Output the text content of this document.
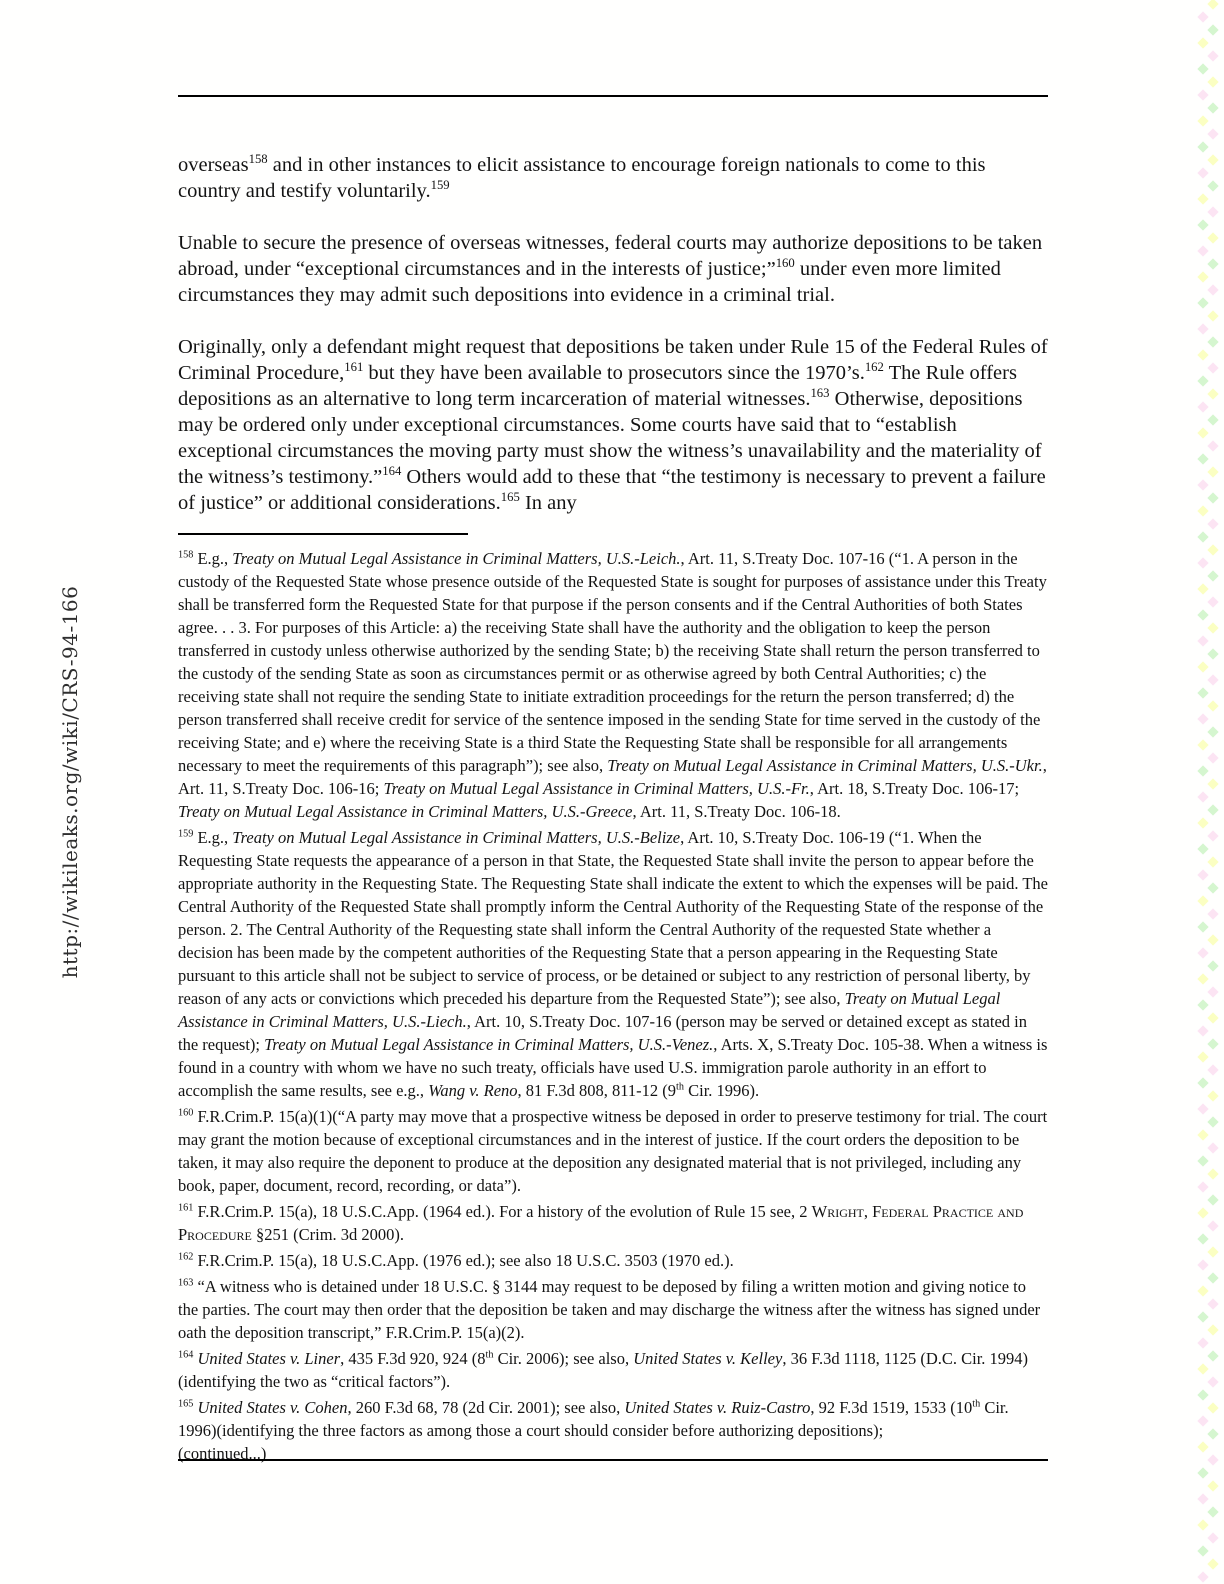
http://wikileaks.org/wiki/CRS-94-166

overseas$^{158}$ and in other instances to elicit assistance to encourage foreign nationals to come to this country and testify voluntarily.$^{159}$

Unable to secure the presence of overseas witnesses, federal courts may authorize depositions to be taken abroad, under “exceptional circumstances and in the interests of justice;”$^{160}$ under even more limited circumstances they may admit such depositions into evidence in a criminal trial.

Originally, only a defendant might request that depositions be taken under Rule 15 of the Federal Rules of Criminal Procedure,$^{161}$ but they have been available to prosecutors since the 1970’s.$^{162}$ The Rule offers depositions as an alternative to long term incarceration of material witnesses.$^{163}$ Otherwise, depositions may be ordered only under exceptional circumstances. Some courts have said that to “establish exceptional circumstances the moving party must show the witness’s unavailability and the materiality of the witness’s testimony.”$^{164}$ Others would add to these that “the testimony is necessary to prevent a failure of justice” or additional considerations.$^{165}$ In any

$^{158}$ E.g., Treaty on Mutual Legal Assistance in Criminal Matters, U.S.-Leich., Art. 11, S.Treaty Doc. 107-16 (“1. A person in the custody of the Requested State whose presence outside of the Requested State is sought for purposes of assistance under this Treaty shall be transferred form the Requested State for that purpose if the person consents and if the Central Authorities of both States agree. . . 3. For purposes of this Article: a) the receiving State shall have the authority and the obligation to keep the person transferred in custody unless otherwise authorized by the sending State; b) the receiving State shall return the person transferred to the custody of the sending State as soon as circumstances permit or as otherwise agreed by both Central Authorities; c) the receiving state shall not require the sending State to initiate extradition proceedings for the return the person transferred; d) the person transferred shall receive credit for service of the sentence imposed in the sending State for time served in the custody of the receiving State; and e) where the receiving State is a third State the Requesting State shall be responsible for all arrangements necessary to meet the requirements of this paragraph”); see also, Treaty on Mutual Legal Assistance in Criminal Matters, U.S.-Ukr., Art. 11, S.Treaty Doc. 106-16; Treaty on Mutual Legal Assistance in Criminal Matters, U.S.-Fr., Art. 18, S.Treaty Doc. 106-17; Treaty on Mutual Legal Assistance in Criminal Matters, U.S.-Greece, Art. 11, S.Treaty Doc. 106-18.

$^{159}$ E.g., Treaty on Mutual Legal Assistance in Criminal Matters, U.S.-Belize, Art. 10, S.Treaty Doc. 106-19 (“1. When the Requesting State requests the appearance of a person in that State, the Requested State shall invite the person to appear before the appropriate authority in the Requesting State. The Requesting State shall indicate the extent to which the expenses will be paid. The Central Authority of the Requested State shall promptly inform the Central Authority of the Requesting State of the response of the person. 2. The Central Authority of the Requesting state shall inform the Central Authority of the requested State whether a decision has been made by the competent authorities of the Requesting State that a person appearing in the Requesting State pursuant to this article shall not be subject to service of process, or be detained or subject to any restriction of personal liberty, by reason of any acts or convictions which preceded his departure from the Requested State”); see also, Treaty on Mutual Legal Assistance in Criminal Matters, U.S.-Liech., Art. 10, S.Treaty Doc. 107-16 (person may be served or detained except as stated in the request); Treaty on Mutual Legal Assistance in Criminal Matters, U.S.-Venez., Arts. X, S.Treaty Doc. 105-38. When a witness is found in a country with whom we have no such treaty, officials have used U.S. immigration parole authority in an effort to accomplish the same results, see e.g., Wang v. Reno, 81 F.3d 808, 811-12 (9th Cir. 1996).

$^{160}$ F.R.Crim.P. 15(a)(1)(“A party may move that a prospective witness be deposed in order to preserve testimony for trial. The court may grant the motion because of exceptional circumstances and in the interest of justice. If the court orders the deposition to be taken, it may also require the deponent to produce at the deposition any designated material that is not privileged, including any book, paper, document, record, recording, or data”).

$^{161}$ F.R.Crim.P. 15(a), 18 U.S.C.App. (1964 ed.). For a history of the evolution of Rule 15 see, 2 Wright, Federal Practice and Procedure §251 (Crim. 3d 2000).

$^{162}$ F.R.Crim.P. 15(a), 18 U.S.C.App. (1976 ed.); see also 18 U.S.C. 3503 (1970 ed.).

$^{163}$ “A witness who is detained under 18 U.S.C. § 3144 may request to be deposed by filing a written motion and giving notice to the parties. The court may then order that the deposition be taken and may discharge the witness after the witness has signed under oath the deposition transcript,” F.R.Crim.P. 15(a)(2).

$^{164}$ United States v. Liner, 435 F.3d 920, 924 (8th Cir. 2006); see also, United States v. Kelley, 36 F.3d 1118, 1125 (D.C. Cir. 1994)(identifying the two as “critical factors”).

$^{165}$ United States v. Cohen, 260 F.3d 68, 78 (2d Cir. 2001); see also, United States v. Ruiz-Castro, 92 F.3d 1519, 1533 (10th Cir. 1996)(identifying the three factors as among those a court should consider before authorizing depositions);
(continued...)
